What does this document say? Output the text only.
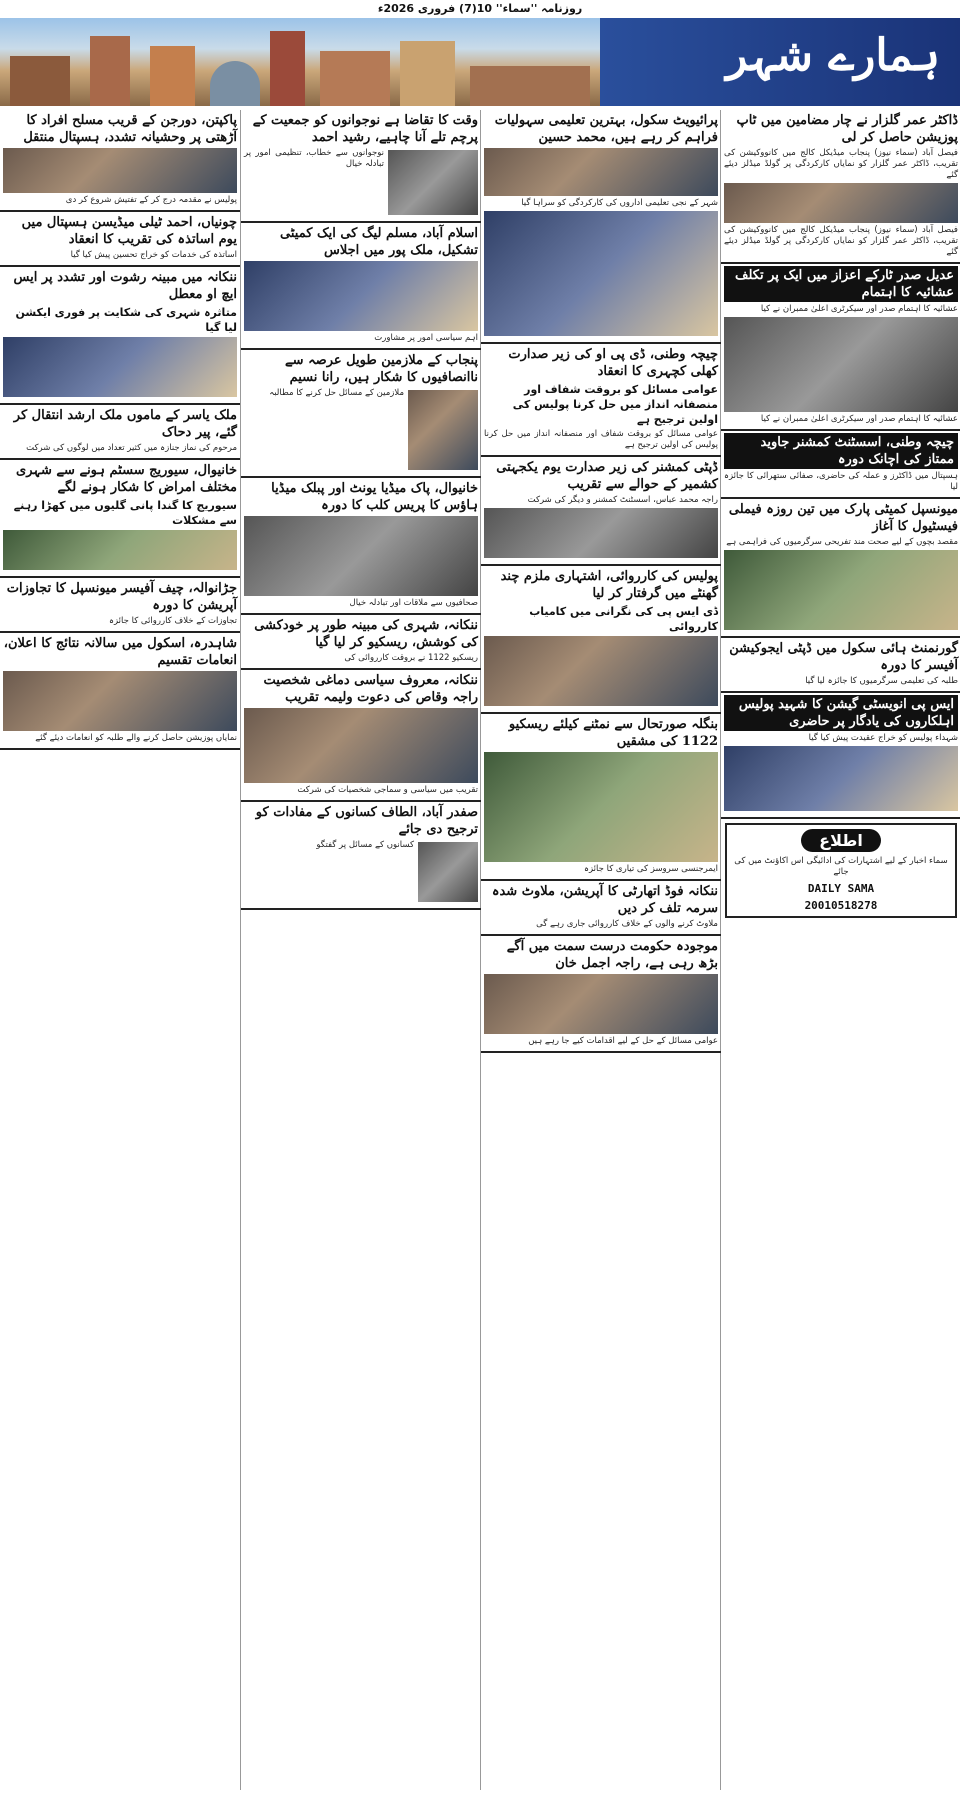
روزنامہ ''سماء'' 10(7) فروری 2026ء
ہمارے شہر
ڈاکٹر عمر گلزار نے چار مضامین میں ٹاپ پوزیشن حاصل کر لی
فیصل آباد (سماء نیوز) پنجاب میڈیکل کالج میں کانووکیشن کی تقریب، ڈاکٹر عمر گلزار کو نمایاں کارکردگی پر گولڈ میڈلز دیئے گئے
فیصل آباد (سماء نیوز) پنجاب میڈیکل کالج میں کانووکیشن کی تقریب، ڈاکٹر عمر گلزار کو نمایاں کارکردگی پر گولڈ میڈلز دیئے گئے
عدیل صدر ٹارکے اعزاز میں ایک پر تکلف عشائیہ کا اہتمام
عشائیہ کا اہتمام صدر اور سیکرٹری اعلیٰ ممبران نے کیا
عشائیہ کا اہتمام صدر اور سیکرٹری اعلیٰ ممبران نے کیا
چیچہ وطنی، اسسٹنٹ کمشنر جاوید ممتاز کی اچانک دورہ
ہسپتال میں ڈاکٹرز و عملہ کی حاضری، صفائی ستھرائی کا جائزہ لیا
میونسپل کمیٹی پارک میں تین روزہ فیملی فیسٹیول کا آغاز
مقصد بچوں کے لیے صحت مند تفریحی سرگرمیوں کی فراہمی ہے
گورنمنٹ ہائی سکول میں ڈپٹی ایجوکیشن آفیسر کا دورہ
طلبہ کی تعلیمی سرگرمیوں کا جائزہ لیا گیا
ایس پی انویسٹی گیشن کا شہید پولیس اہلکاروں کی یادگار پر حاضری
شہداء پولیس کو خراج عقیدت پیش کیا گیا
اطلاع
سماء اخبار کے لیے اشتہارات کی ادائیگی اس اکاؤنٹ میں کی جائے
DAILY SAMA
20010518278
پرائیویٹ سکول، بہترین تعلیمی سہولیات فراہم کر رہے ہیں، محمد حسین
شہر کے نجی تعلیمی اداروں کی کارکردگی کو سراہا گیا
چیچہ وطنی، ڈی پی او کی زیر صدارت کھلی کچہری کا انعقاد
عوامی مسائل کو بروقت شفاف اور منصفانہ انداز میں حل کرنا پولیس کی اولین ترجیح ہے
عوامی مسائل کو بروقت شفاف اور منصفانہ انداز میں حل کرنا پولیس کی اولین ترجیح ہے
ڈپٹی کمشنر کی زیر صدارت یوم یکجہتی کشمیر کے حوالے سے تقریب
راجہ محمد عباس، اسسٹنٹ کمشنر و دیگر کی شرکت
پولیس کی کارروائی، اشتہاری ملزم چند گھنٹے میں گرفتار کر لیا
ڈی ایس پی کی نگرانی میں کامیاب کارروائی
بنگلہ صورتحال سے نمٹنے کیلئے ریسکیو 1122 کی مشقیں
ایمرجنسی سروسز کی تیاری کا جائزہ
ننکانہ فوڈ اتھارٹی کا آپریشن، ملاوٹ شدہ سرمہ تلف کر دیں
ملاوٹ کرنے والوں کے خلاف کارروائی جاری رہے گی
موجودہ حکومت درست سمت میں آگے بڑھ رہی ہے، راجہ اجمل خان
عوامی مسائل کے حل کے لیے اقدامات کیے جا رہے ہیں
وقت کا تقاضا ہے نوجوانوں کو جمعیت کے پرچم تلے آنا چاہیے، رشید احمد
نوجوانوں سے خطاب، تنظیمی امور پر تبادلہ خیال
اسلام آباد، مسلم لیگ کی ایک کمیٹی تشکیل، ملک پور میں اجلاس
اہم سیاسی امور پر مشاورت
پنجاب کے ملازمین طویل عرصہ سے ناانصافیوں کا شکار ہیں، رانا نسیم
ملازمین کے مسائل حل کرنے کا مطالبہ
خانیوال، پاک میڈیا یونٹ اور پبلک میڈیا ہاؤس کا پریس کلب کا دورہ
صحافیوں سے ملاقات اور تبادلہ خیال
ننکانہ، شہری کی مبینہ طور پر خودکشی کی کوشش، ریسکیو کر لیا گیا
ریسکیو 1122 نے بروقت کارروائی کی
ننکانہ، معروف سیاسی دماغی شخصیت راجہ وقاص کی دعوت ولیمہ تقریب
تقریب میں سیاسی و سماجی شخصیات کی شرکت
صفدر آباد، الطاف کسانوں کے مفادات کو ترجیح دی جائے
کسانوں کے مسائل پر گفتگو
پاکپتن، دورجن کے قریب مسلح افراد کا آڑھتی پر وحشیانہ تشدد، ہسپتال منتقل
پولیس نے مقدمہ درج کر کے تفتیش شروع کر دی
چونیاں، احمد ٹیلی میڈیسن ہسپتال میں یوم اساتذہ کی تقریب کا انعقاد
اساتذہ کی خدمات کو خراج تحسین پیش کیا گیا
ننکانہ میں مبینہ رشوت اور تشدد پر ایس ایچ او معطل
متاثرہ شہری کی شکایت پر فوری ایکشن لیا گیا
ملک یاسر کے ماموں ملک ارشد انتقال کر گئے، پیر دحاک
مرحوم کی نماز جنازہ میں کثیر تعداد میں لوگوں کی شرکت
خانیوال، سیوریج سسٹم ہونے سے شہری مختلف امراض کا شکار ہونے لگے
سیوریج کا گندا پانی گلیوں میں کھڑا رہنے سے مشکلات
جڑانوالہ، چیف آفیسر میونسپل کا تجاوزات آپریشن کا دورہ
تجاوزات کے خلاف کارروائی کا جائزہ
شاہدرہ، اسکول میں سالانہ نتائج کا اعلان، انعامات تقسیم
نمایاں پوزیشن حاصل کرنے والے طلبہ کو انعامات دیئے گئے
